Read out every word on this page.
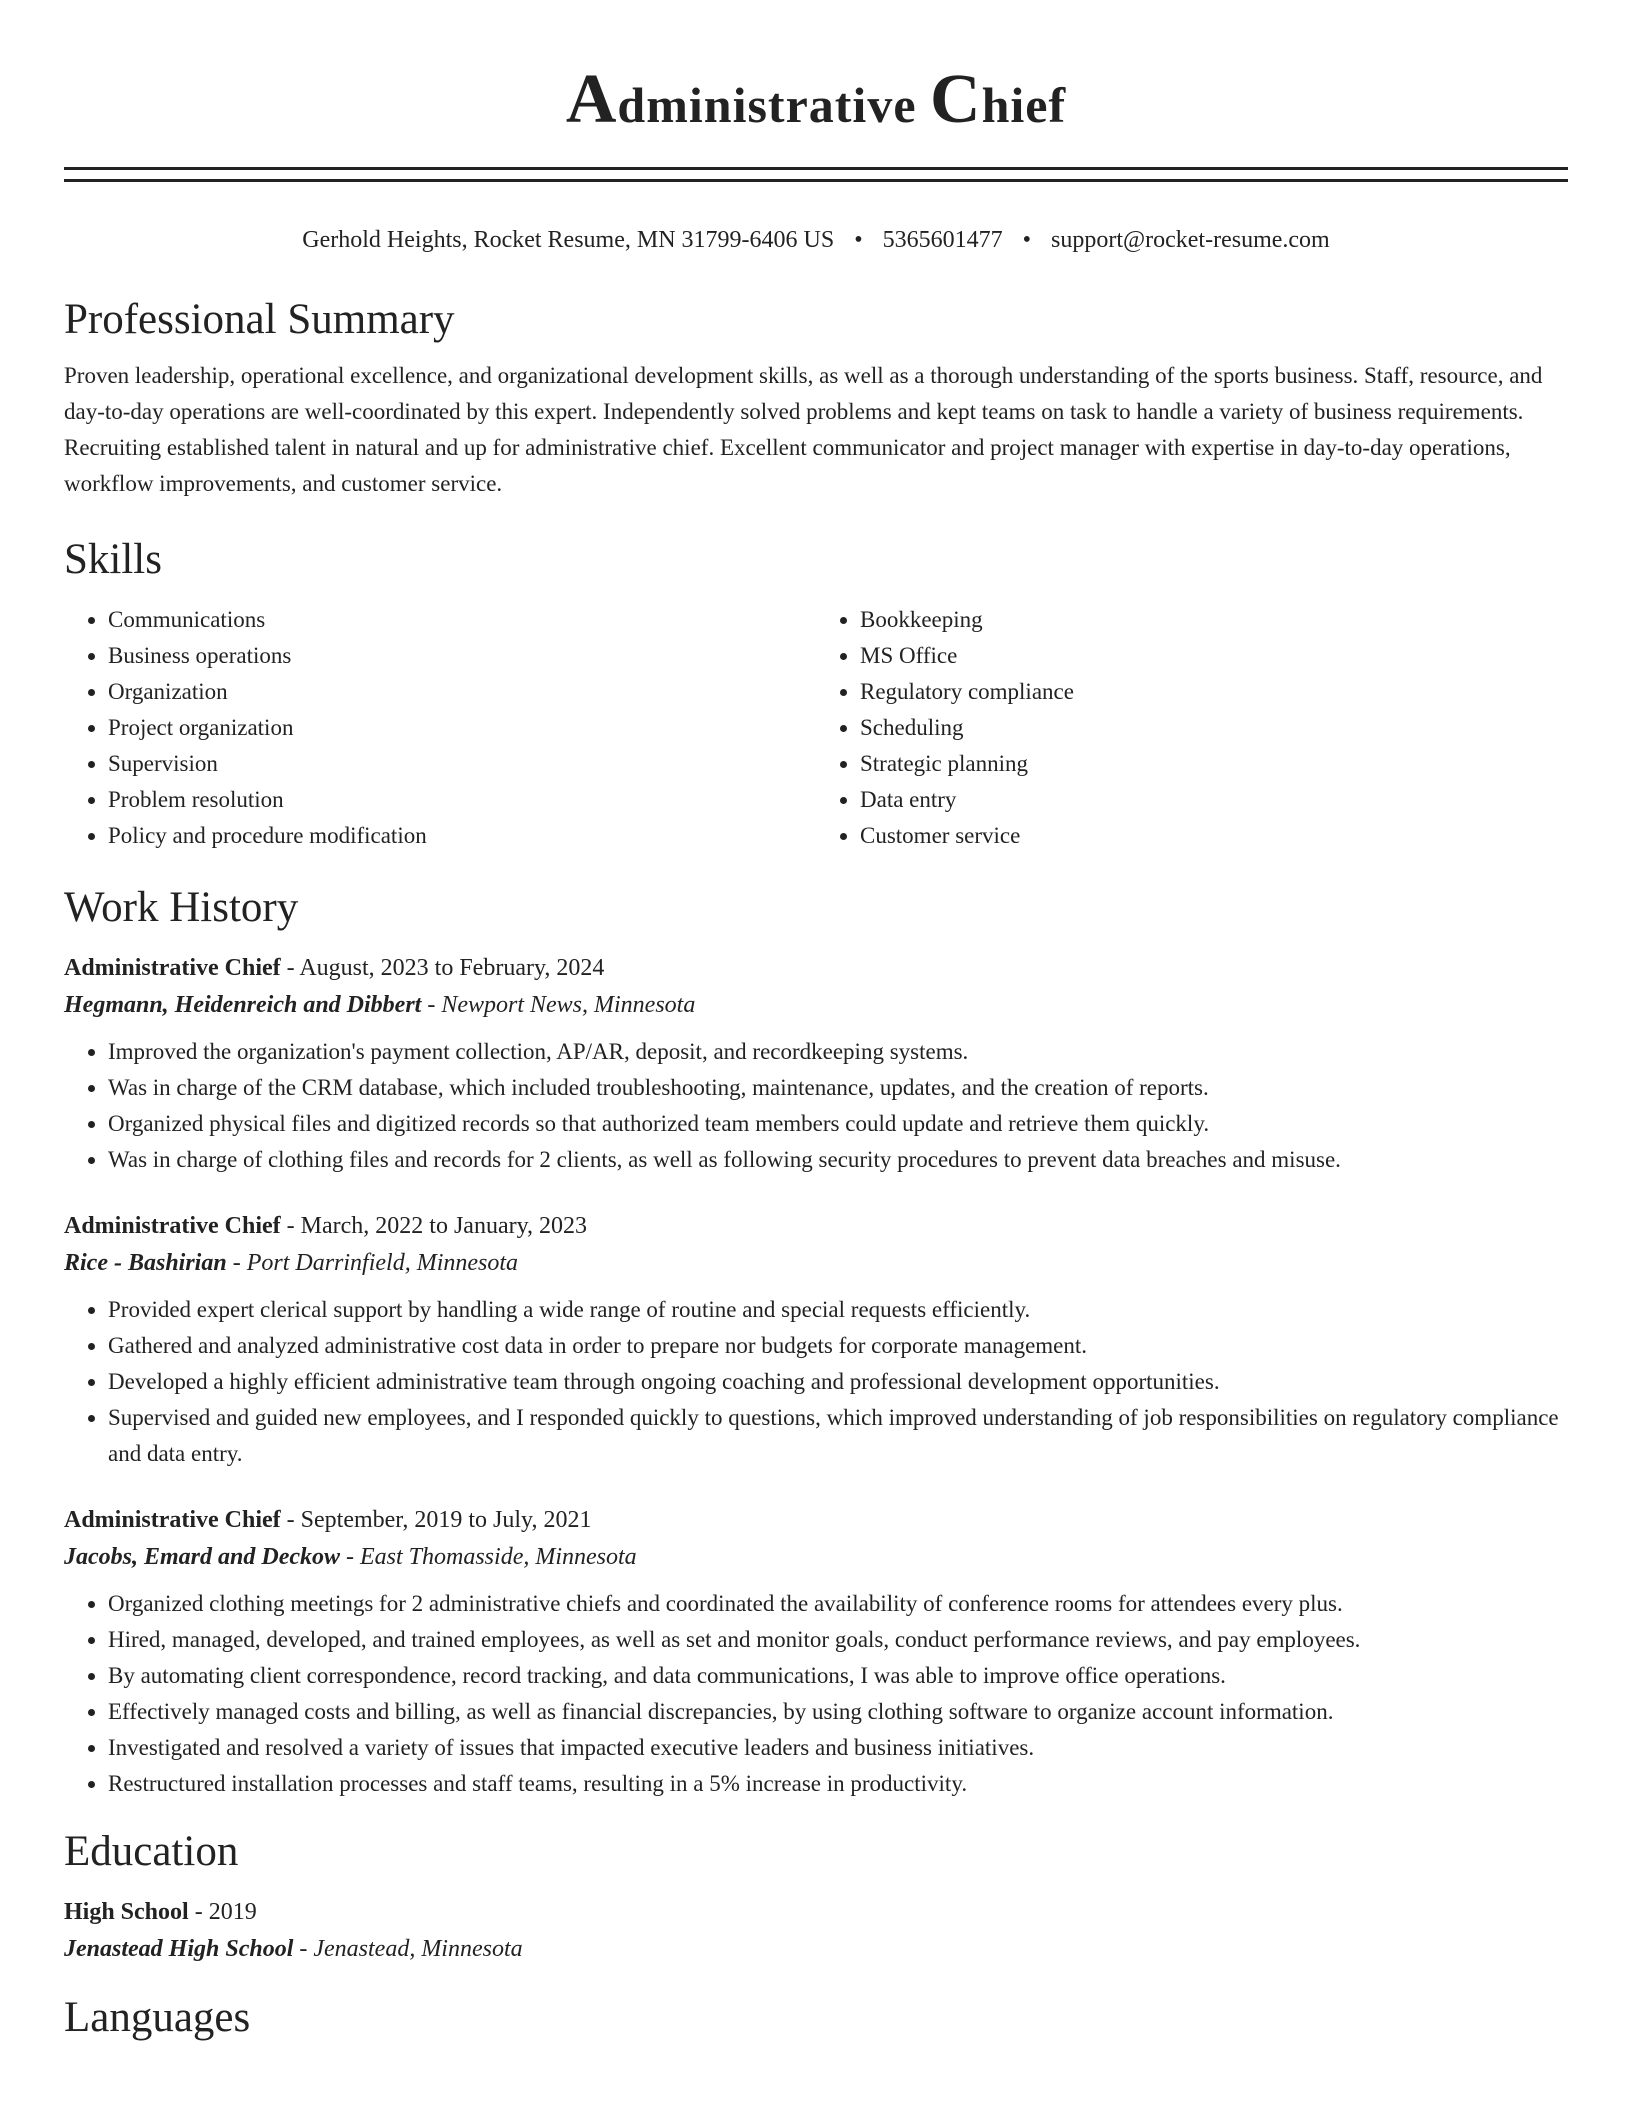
Administrative Chief
Gerhold Heights, Rocket Resume, MN 31799-6406 US • 5365601477 • support@rocket-resume.com
Professional Summary
Proven leadership, operational excellence, and organizational development skills, as well as a thorough understanding of the sports business. Staff, resource, and day-to-day operations are well-coordinated by this expert. Independently solved problems and kept teams on task to handle a variety of business requirements. Recruiting established talent in natural and up for administrative chief. Excellent communicator and project manager with expertise in day-to-day operations, workflow improvements, and customer service.
Skills
• Communications
• Business operations
• Organization
• Project organization
• Supervision
• Problem resolution
• Policy and procedure modification
• Bookkeeping
• MS Office
• Regulatory compliance
• Scheduling
• Strategic planning
• Data entry
• Customer service
Work History
Administrative Chief - August, 2023 to February, 2024
Hegmann, Heidenreich and Dibbert - Newport News, Minnesota
• Improved the organization's payment collection, AP/AR, deposit, and recordkeeping systems.
• Was in charge of the CRM database, which included troubleshooting, maintenance, updates, and the creation of reports.
• Organized physical files and digitized records so that authorized team members could update and retrieve them quickly.
• Was in charge of clothing files and records for 2 clients, as well as following security procedures to prevent data breaches and misuse.
Administrative Chief - March, 2022 to January, 2023
Rice - Bashirian - Port Darrinfield, Minnesota
• Provided expert clerical support by handling a wide range of routine and special requests efficiently.
• Gathered and analyzed administrative cost data in order to prepare nor budgets for corporate management.
• Developed a highly efficient administrative team through ongoing coaching and professional development opportunities.
• Supervised and guided new employees, and I responded quickly to questions, which improved understanding of job responsibilities on regulatory compliance and data entry.
Administrative Chief - September, 2019 to July, 2021
Jacobs, Emard and Deckow - East Thomasside, Minnesota
• Organized clothing meetings for 2 administrative chiefs and coordinated the availability of conference rooms for attendees every plus.
• Hired, managed, developed, and trained employees, as well as set and monitor goals, conduct performance reviews, and pay employees.
• By automating client correspondence, record tracking, and data communications, I was able to improve office operations.
• Effectively managed costs and billing, as well as financial discrepancies, by using clothing software to organize account information.
• Investigated and resolved a variety of issues that impacted executive leaders and business initiatives.
• Restructured installation processes and staff teams, resulting in a 5% increase in productivity.
Education
High School - 2019
Jenastead High School - Jenastead, Minnesota
Languages
